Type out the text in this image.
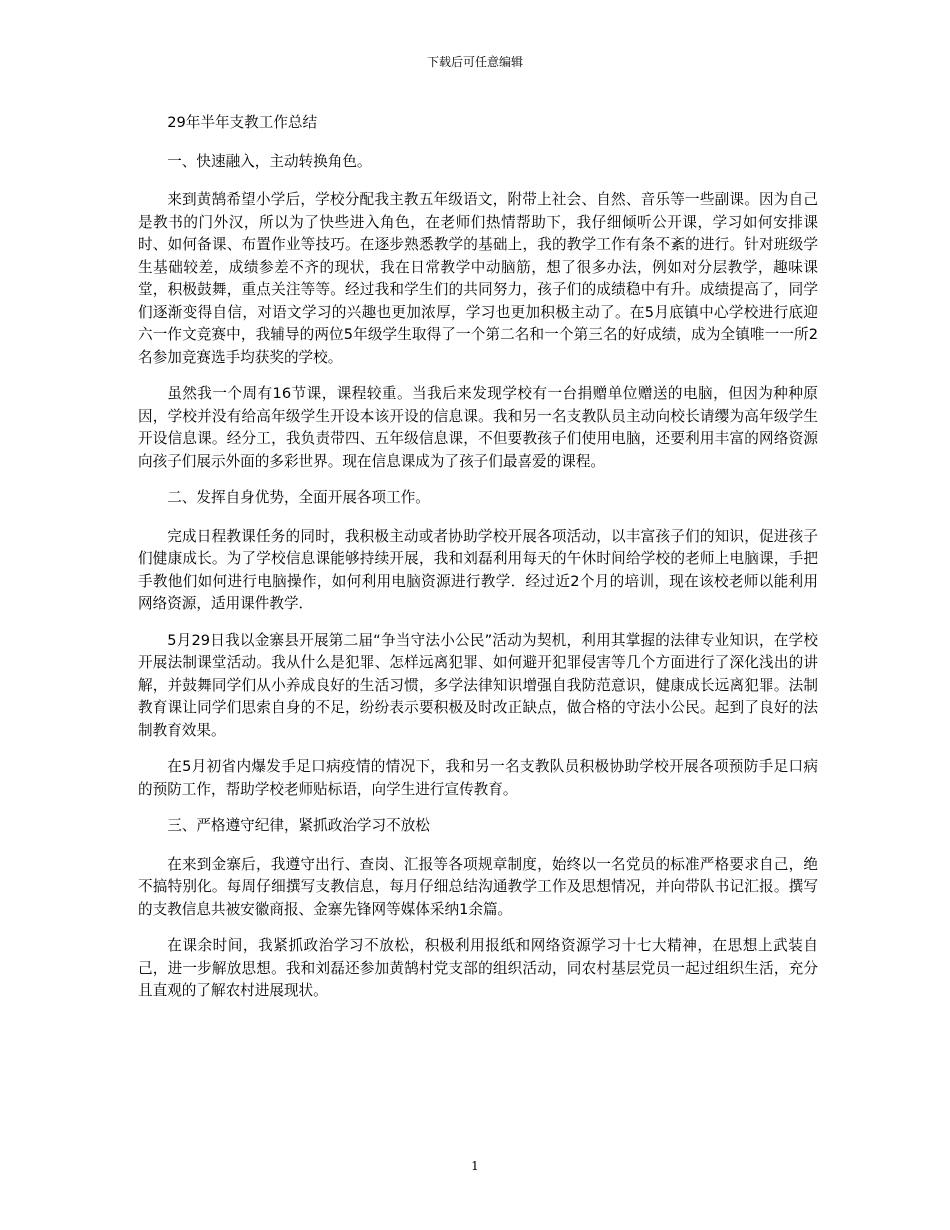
下载后可任意编辑

29年半年支教工作总结

一、快速融入，主动转换角色。

来到黄鹄希望小学后，学校分配我主教五年级语文，附带上社会、自然、音乐等一些副课。因为自己是教书的门外汉，所以为了快些进入角色，在老师们热情帮助下，我仔细倾听公开课，学习如何安排课时、如何备课、布置作业等技巧。在逐步熟悉教学的基础上，我的教学工作有条不紊的进行。针对班级学生基础较差，成绩参差不齐的现状，我在日常教学中动脑筋，想了很多办法，例如对分层教学，趣味课堂，积极鼓舞，重点关注等等。经过我和学生们的共同努力，孩子们的成绩稳中有升。成绩提高了，同学们逐渐变得自信，对语文学习的兴趣也更加浓厚，学习也更加积极主动了。在5月底镇中心学校进行底迎六一作文竞赛中，我辅导的两位5年级学生取得了一个第二名和一个第三名的好成绩，成为全镇唯一一所2名参加竞赛选手均获奖的学校。

虽然我一个周有16节课，课程较重。当我后来发现学校有一台捐赠单位赠送的电脑，但因为种种原因，学校并没有给高年级学生开设本该开设的信息课。我和另一名支教队员主动向校长请缨为高年级学生开设信息课。经分工，我负责带四、五年级信息课，不但要教孩子们使用电脑，还要利用丰富的网络资源向孩子们展示外面的多彩世界。现在信息课成为了孩子们最喜爱的课程。

二、发挥自身优势，全面开展各项工作。

完成日程教课任务的同时，我积极主动或者协助学校开展各项活动，以丰富孩子们的知识，促进孩子们健康成长。为了学校信息课能够持续开展，我和刘磊利用每天的午休时间给学校的老师上电脑课，手把手教他们如何进行电脑操作，如何利用电脑资源进行教学．经过近2个月的培训，现在该校老师以能利用网络资源，适用课件教学．

5月29日我以金寨县开展第二届“争当守法小公民”活动为契机，利用其掌握的法律专业知识，在学校开展法制课堂活动。我从什么是犯罪、怎样远离犯罪、如何避开犯罪侵害等几个方面进行了深化浅出的讲解，并鼓舞同学们从小养成良好的生活习惯，多学法律知识增强自我防范意识，健康成长远离犯罪。法制教育课让同学们思索自身的不足，纷纷表示要积极及时改正缺点，做合格的守法小公民。起到了良好的法制教育效果。

在5月初省内爆发手足口病疫情的情况下，我和另一名支教队员积极协助学校开展各项预防手足口病的预防工作，帮助学校老师贴标语，向学生进行宣传教育。

三、严格遵守纪律，紧抓政治学习不放松

在来到金寨后，我遵守出行、查岗、汇报等各项规章制度，始终以一名党员的标准严格要求自己，绝不搞特别化。每周仔细撰写支教信息，每月仔细总结沟通教学工作及思想情况，并向带队书记汇报。撰写的支教信息共被安徽商报、金寨先锋网等媒体采纳1余篇。

在课余时间，我紧抓政治学习不放松，积极利用报纸和网络资源学习十七大精神，在思想上武装自己，进一步解放思想。我和刘磊还参加黄鹄村党支部的组织活动，同农村基层党员一起过组织生活，充分且直观的了解农村进展现状。

1
